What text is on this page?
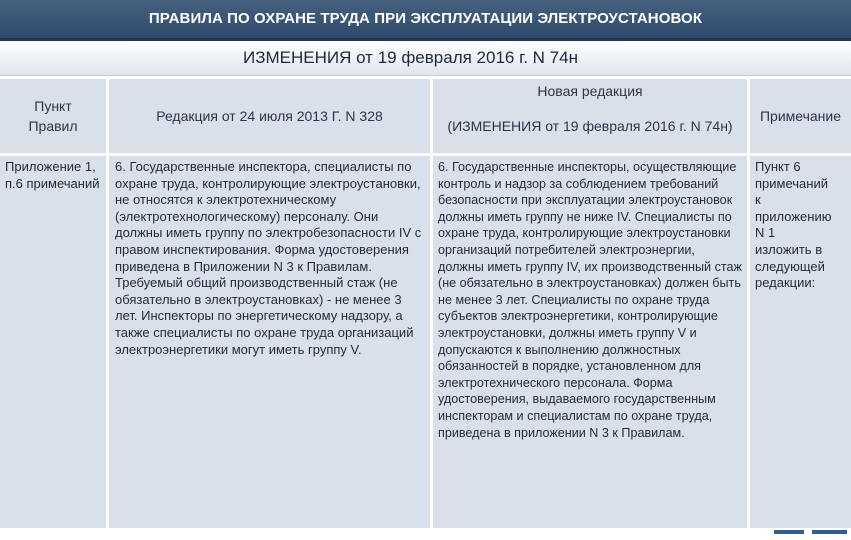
ПРАВИЛА ПО ОХРАНЕ ТРУДА ПРИ ЭКСПЛУАТАЦИИ ЭЛЕКТРОУСТАНОВОК
ИЗМЕНЕНИЯ от 19 февраля 2016 г. N 74н
Пункт Правил
Редакция от 24 июля 2013 Г. N 328
Новая редакция
(ИЗМЕНЕНИЯ от 19 февраля 2016 г. N 74н)
Примечание
Приложение 1, п.6 примечаний
6. Государственные инспектора, специалисты по охране труда, контролирующие электроустановки, не относятся к электротехническому (электротехнологическому) персоналу. Они должны иметь группу по электробезопасности IV с правом инспектирования. Форма удостоверения приведена в Приложении N 3 к Правилам. Требуемый общий производственный стаж (не обязательно в электроустановках) - не менее 3 лет. Инспекторы по энергетическому надзору, а также специалисты по охране труда организаций электроэнергетики могут иметь группу V.
6. Государственные инспекторы, осуществляющие контроль и надзор за соблюдением требований безопасности при эксплуатации электроустановок должны иметь группу не ниже IV. Специалисты по охране труда, контролирующие электроустановки организаций потребителей электроэнергии, должны иметь группу IV, их производственный стаж (не обязательно в электроустановках) должен быть не менее 3 лет. Специалисты по охране труда субъектов электроэнергетики, контролирующие электроустановки, должны иметь группу V и допускаются к выполнению должностных обязанностей в порядке, установленном для электротехнического персонала. Форма удостоверения, выдаваемого государственным инспекторам и специалистам по охране труда, приведена в приложении N 3 к Правилам.
Пункт 6 примечаний к приложению N 1 изложить в следующей редакции:
